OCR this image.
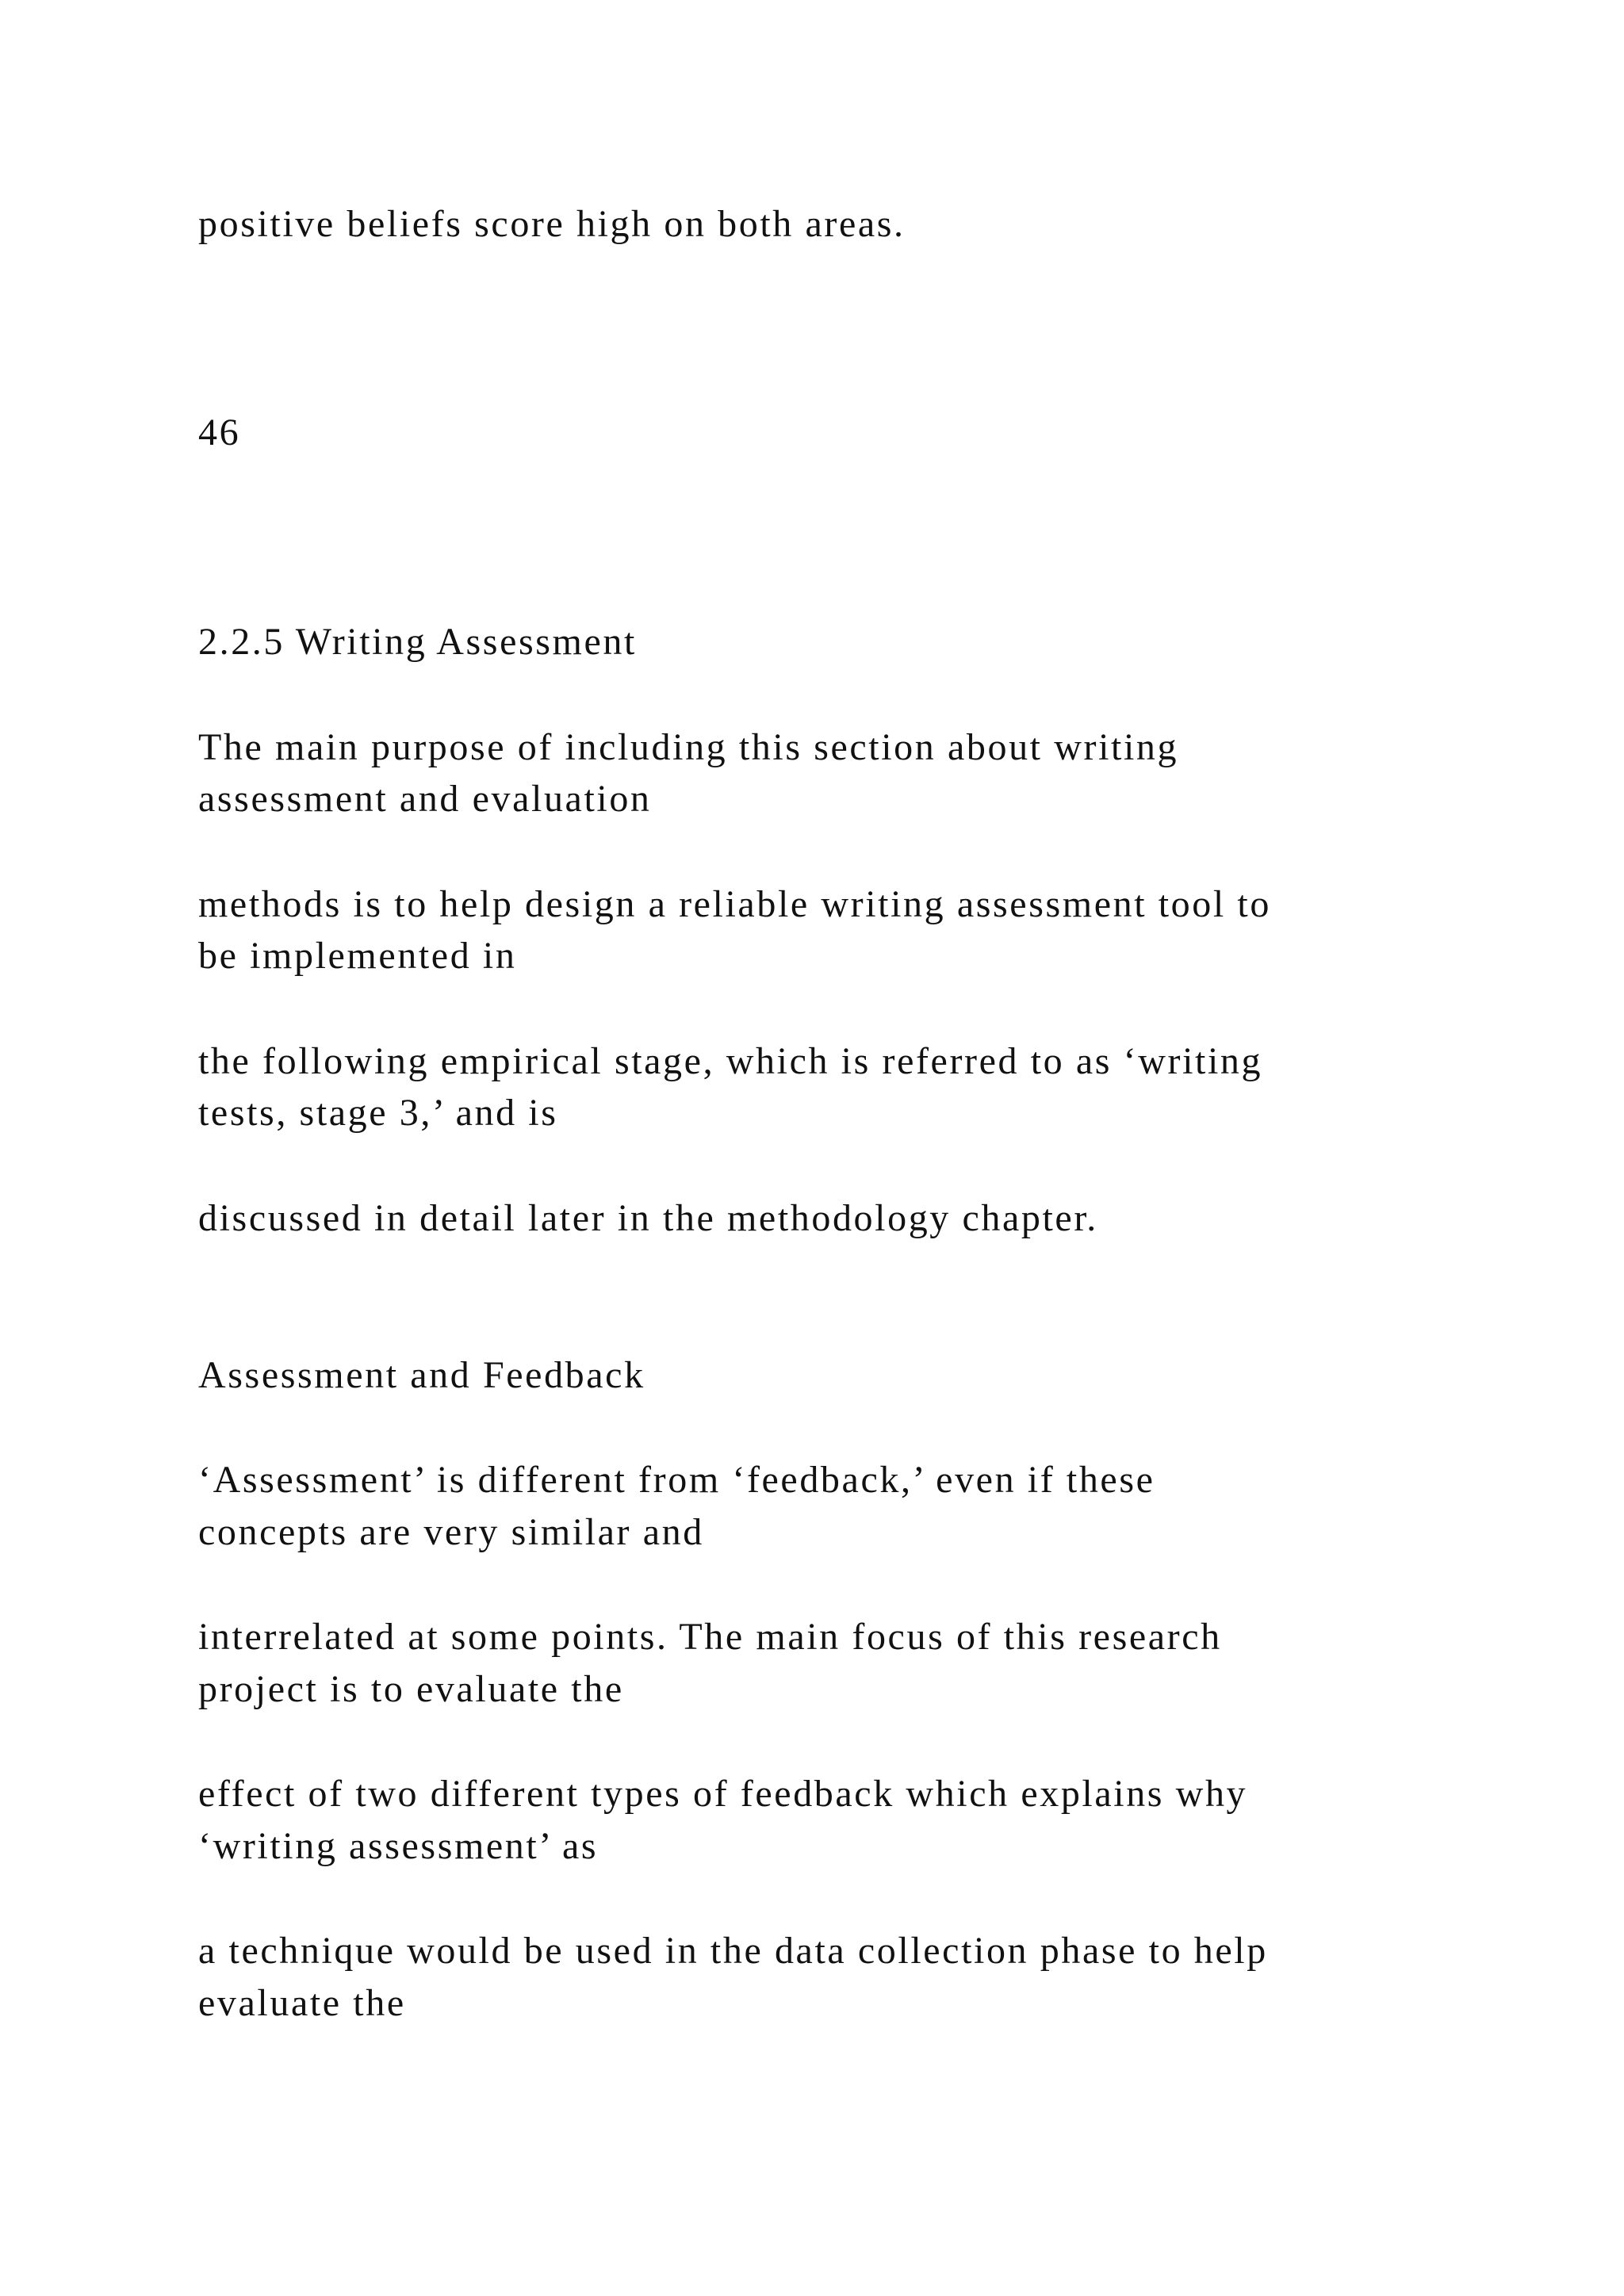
positive beliefs score high on both areas.

46

2.2.5 Writing Assessment

The main purpose of including this section about writing

assessment and evaluation

methods is to help design a reliable writing assessment tool to

be implemented in

the following empirical stage, which is referred to as ‘writing

tests, stage 3,’ and is

discussed in detail later in the methodology chapter.

Assessment and Feedback

‘Assessment’ is different from ‘feedback,’ even if these

concepts are very similar and

interrelated at some points. The main focus of this research

project is to evaluate the

effect of two different types of feedback which explains why

‘writing assessment’ as

a technique would be used in the data collection phase to help

evaluate the
